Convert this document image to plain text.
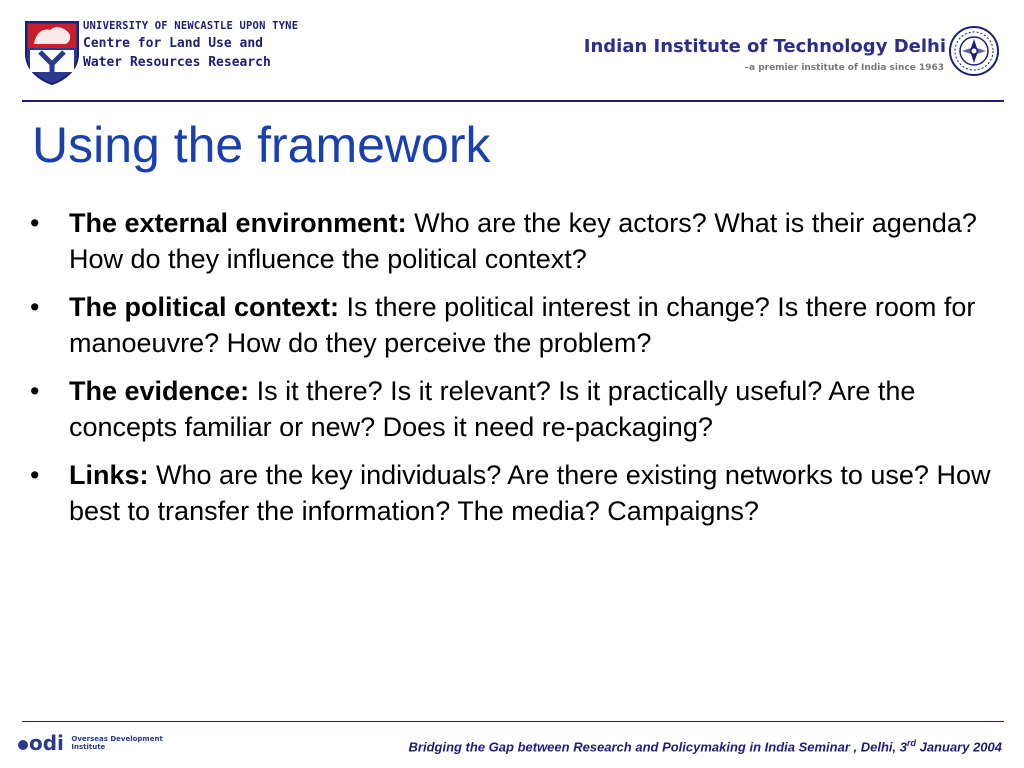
UNIVERSITY OF NEWCASTLE UPON TYNE
Centre for Land Use and
Water Resources Research
Indian Institute of Technology Delhi
–a premier institute of India since 1963
Using the framework
•	The external environment: Who are the key actors? What is their agenda? How do they influence the political context?
•	The political context: Is there political interest in change? Is there room for manoeuvre? How do they perceive the problem?
•	The evidence: Is it there? Is it relevant? Is it practically useful? Are the concepts familiar or new? Does it need re-packaging?
•	Links: Who are the key individuals? Are there existing networks to use? How best to transfer the information? The media? Campaigns?
odi Overseas Development
Institute	Bridging the Gap between Research and Policymaking in India Seminar , Delhi, 3rd January 2004
